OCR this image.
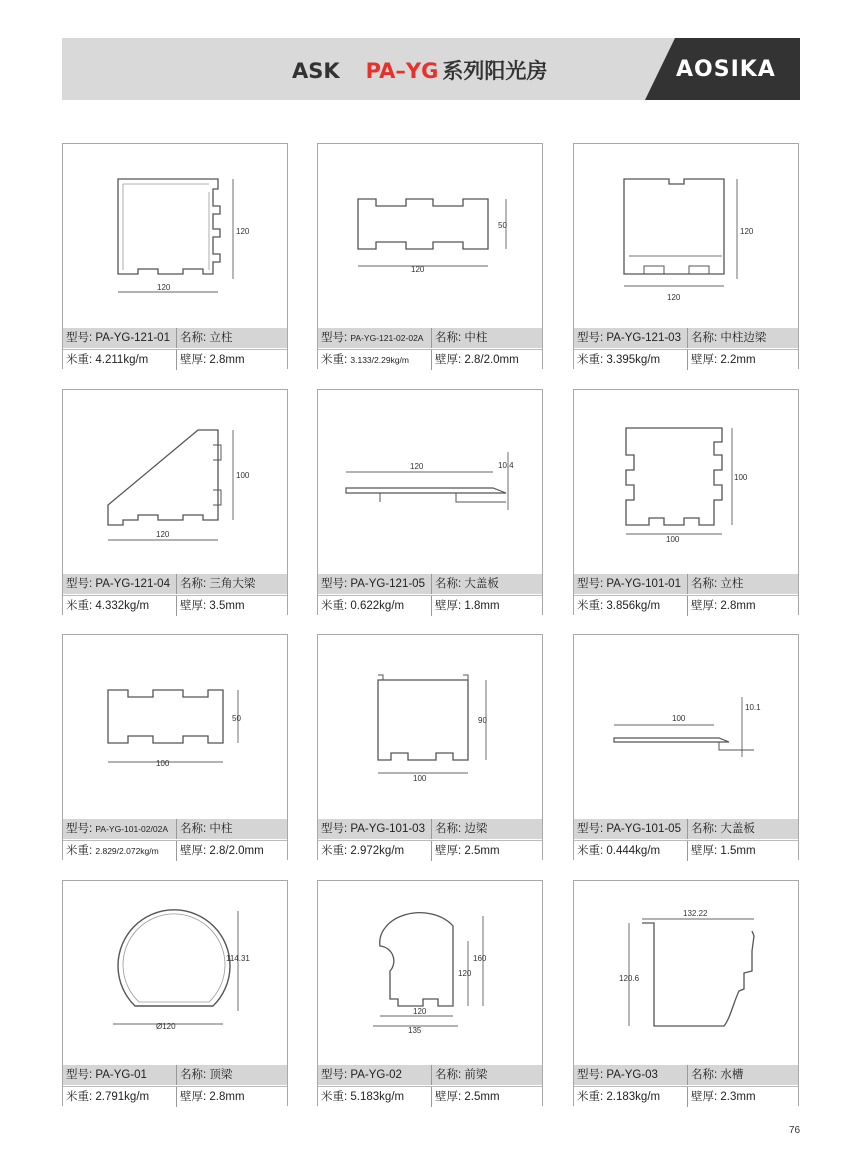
ASK PA–YG 系列阳光房	AOSIKA
120
120
型号: PA-YG-121-01 名称: 立柱
米重: 4.211kg/m	壁厚: 2.8mm
120
50
型号: PA-YG-121-02-02A	名称: 中柱
米重: 3.133/2.29kg/m	壁厚: 2.8/2.0mm
120
120
型号: PA-YG-121-03 名称: 中柱边梁
米重: 3.395kg/m	壁厚: 2.2mm
120
100
型号: PA-YG-121-04 名称: 三角大梁
米重: 4.332kg/m	壁厚: 3.5mm
120	10.4
型号: PA-YG-121-05 名称: 大盖板
米重: 0.622kg/m	壁厚: 1.8mm
100
100
型号: PA-YG-101-01 名称: 立柱
米重: 3.856kg/m	壁厚: 2.8mm
100
50
型号: PA-YG-101-02/02A	名称: 中柱
米重: 2.829/2.072kg/m	壁厚: 2.8/2.0mm
100
90
型号: PA-YG-101-03 名称: 边梁
米重: 2.972kg/m	壁厚: 2.5mm
100
10.1
型号: PA-YG-101-05 名称: 大盖板
米重: 0.444kg/m	壁厚: 1.5mm
Ø120
114.31
型号: PA-YG-01	名称: 顶梁
米重: 2.791kg/m	壁厚: 2.8mm
120
135
120
160
型号: PA-YG-02	名称: 前梁
米重: 5.183kg/m	壁厚: 2.5mm
132.22
120.6
型号: PA-YG-03	名称: 水槽
米重: 2.183kg/m	壁厚: 2.3mm
76
